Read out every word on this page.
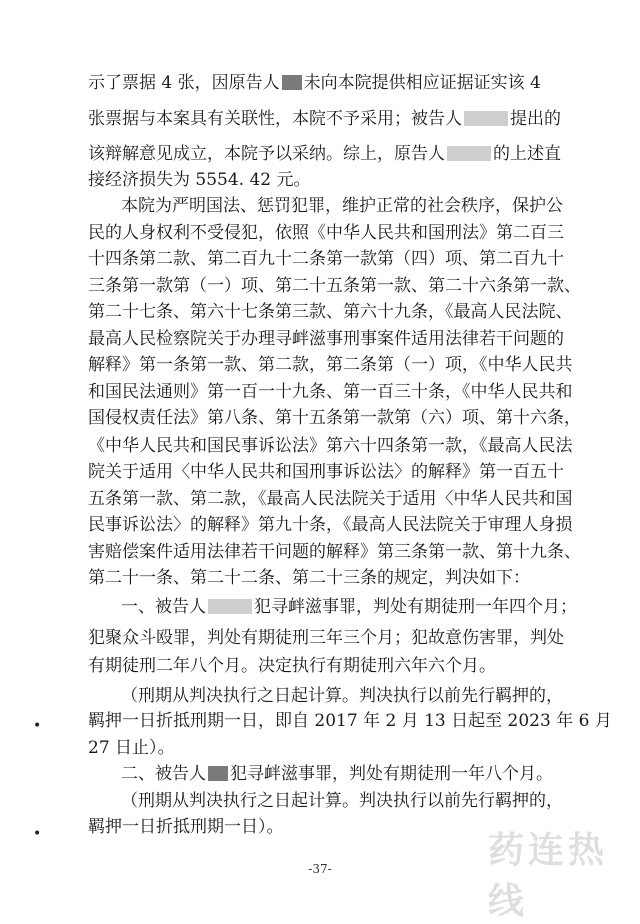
示了票据 4 张，因原告人 未向本院提供相应证据证实该 4
张票据与本案具有关联性，本院不予采用；被告人	提出的
该辩解意见成立，本院予以采纳。综上，原告人	的上述直
接经济损失为 5554. 42 元。
本院为严明国法、惩罚犯罪，维护正常的社会秩序，保护公
民的人身权利不受侵犯，依照《中华人民共和国刑法》第二百三
十四条第二款、第二百九十二条第一款第（四）项、第二百九十
三条第一款第（一）项、第二十五条第一款、第二十六条第一款、
第二十七条、第六十七条第三款、第六十九条，《最高人民法院、
最高人民检察院关于办理寻衅滋事刑事案件适用法律若干问题的
解释》第一条第一款、第二款，第二条第（一）项，《中华人民共
和国民法通则》第一百一十九条、第一百三十条，《中华人民共和
国侵权责任法》第八条、第十五条第一款第（六）项、第十六条，
《中华人民共和国民事诉讼法》第六十四条第一款，《最高人民法
院关于适用〈中华人民共和国刑事诉讼法〉的解释》第一百五十
五条第一款、第二款，《最高人民法院关于适用〈中华人民共和国
民事诉讼法〉的解释》第九十条，《最高人民法院关于审理人身损
害赔偿案件适用法律若干问题的解释》第三条第一款、第十九条、
第二十一条、第二十二条、第二十三条的规定，判决如下：
一、被告人	犯寻衅滋事罪，判处有期徒刑一年四个月；
犯聚众斗殴罪，判处有期徒刑三年三个月；犯故意伤害罪，判处
有期徒刑二年八个月。决定执行有期徒刑六年六个月。
（刑期从判决执行之日起计算。判决执行以前先行羁押的，
羁押一日折抵刑期一日，即自 2017 年 2 月 13 日起至 2023 年 6 月
27 日止）。
二、被告人 犯寻衅滋事罪，判处有期徒刑一年八个月。
（刑期从判决执行之日起计算。判决执行以前先行羁押的，
羁押一日折抵刑期一日）。
•
•	药连热线
-37-
